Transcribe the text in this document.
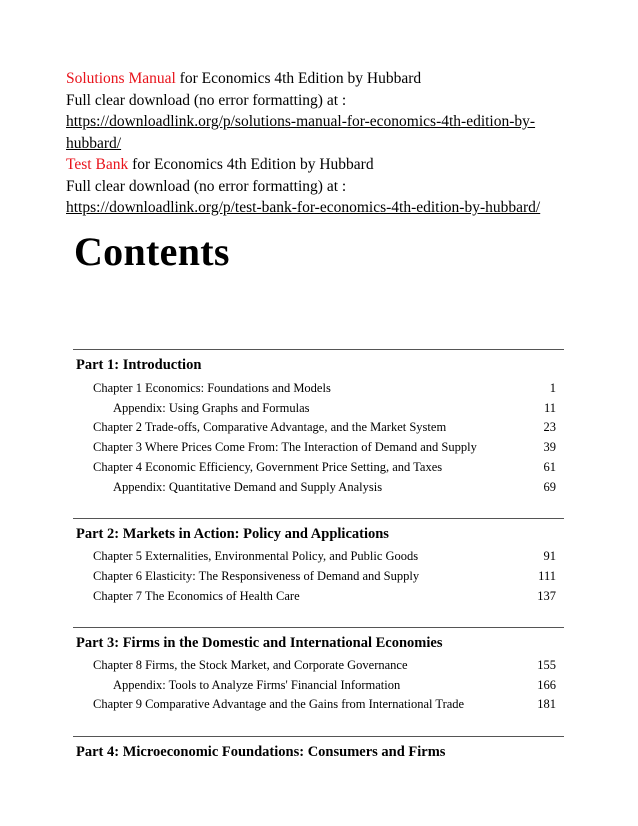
Solutions Manual for Economics 4th Edition by Hubbard
Full clear download (no error formatting) at :
https://downloadlink.org/p/solutions-manual-for-economics-4th-edition-by-
hubbard/
Test Bank for Economics 4th Edition by Hubbard
Full clear download (no error formatting) at :
https://downloadlink.org/p/test-bank-for-economics-4th-edition-by-hubbard/
Contents
Part 1: Introduction
Chapter 1 Economics: Foundations and Models	1
Appendix: Using Graphs and Formulas	11
Chapter 2 Trade-offs, Comparative Advantage, and the Market System	23
Chapter 3 Where Prices Come From: The Interaction of Demand and Supply	39
Chapter 4 Economic Efficiency, Government Price Setting, and Taxes	61
Appendix: Quantitative Demand and Supply Analysis	69
Part 2: Markets in Action: Policy and Applications
Chapter 5 Externalities, Environmental Policy, and Public Goods	91
Chapter 6 Elasticity: The Responsiveness of Demand and Supply	111
Chapter 7 The Economics of Health Care	137
Part 3: Firms in the Domestic and International Economies
Chapter 8 Firms, the Stock Market, and Corporate Governance	155
Appendix: Tools to Analyze Firms' Financial Information	166
Chapter 9 Comparative Advantage and the Gains from International Trade	181
Part 4: Microeconomic Foundations: Consumers and Firms
